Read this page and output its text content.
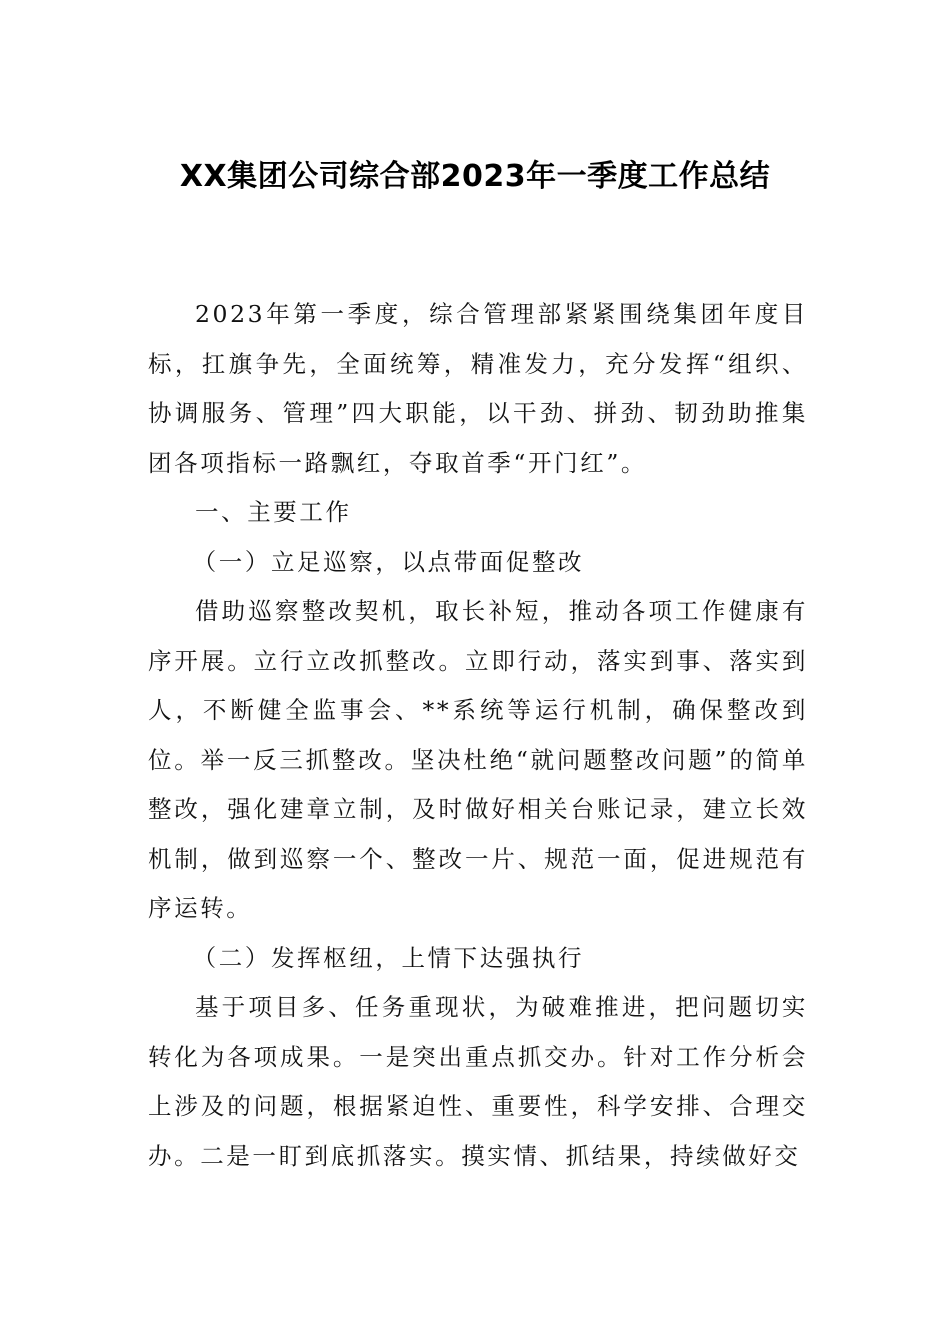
XX集团公司综合部2023年一季度工作总结

2023年第一季度，综合管理部紧紧围绕集团年度目标，扛旗争先，全面统筹，精准发力，充分发挥“组织、协调服务、管理”四大职能，以干劲、拼劲、韧劲助推集团各项指标一路飘红，夺取首季“开门红”。

一、主要工作

（一）立足巡察，以点带面促整改

借助巡察整改契机，取长补短，推动各项工作健康有序开展。立行立改抓整改。立即行动，落实到事、落实到人，不断健全监事会、**系统等运行机制，确保整改到位。举一反三抓整改。坚决杜绝“就问题整改问题”的简单整改，强化建章立制，及时做好相关台账记录，建立长效机制，做到巡察一个、整改一片、规范一面，促进规范有序运转。

（二）发挥枢纽，上情下达强执行

基于项目多、任务重现状，为破难推进，把问题切实转化为各项成果。一是突出重点抓交办。针对工作分析会上涉及的问题，根据紧迫性、重要性，科学安排、合理交办。二是一盯到底抓落实。摸实情、抓结果，持续做好交
